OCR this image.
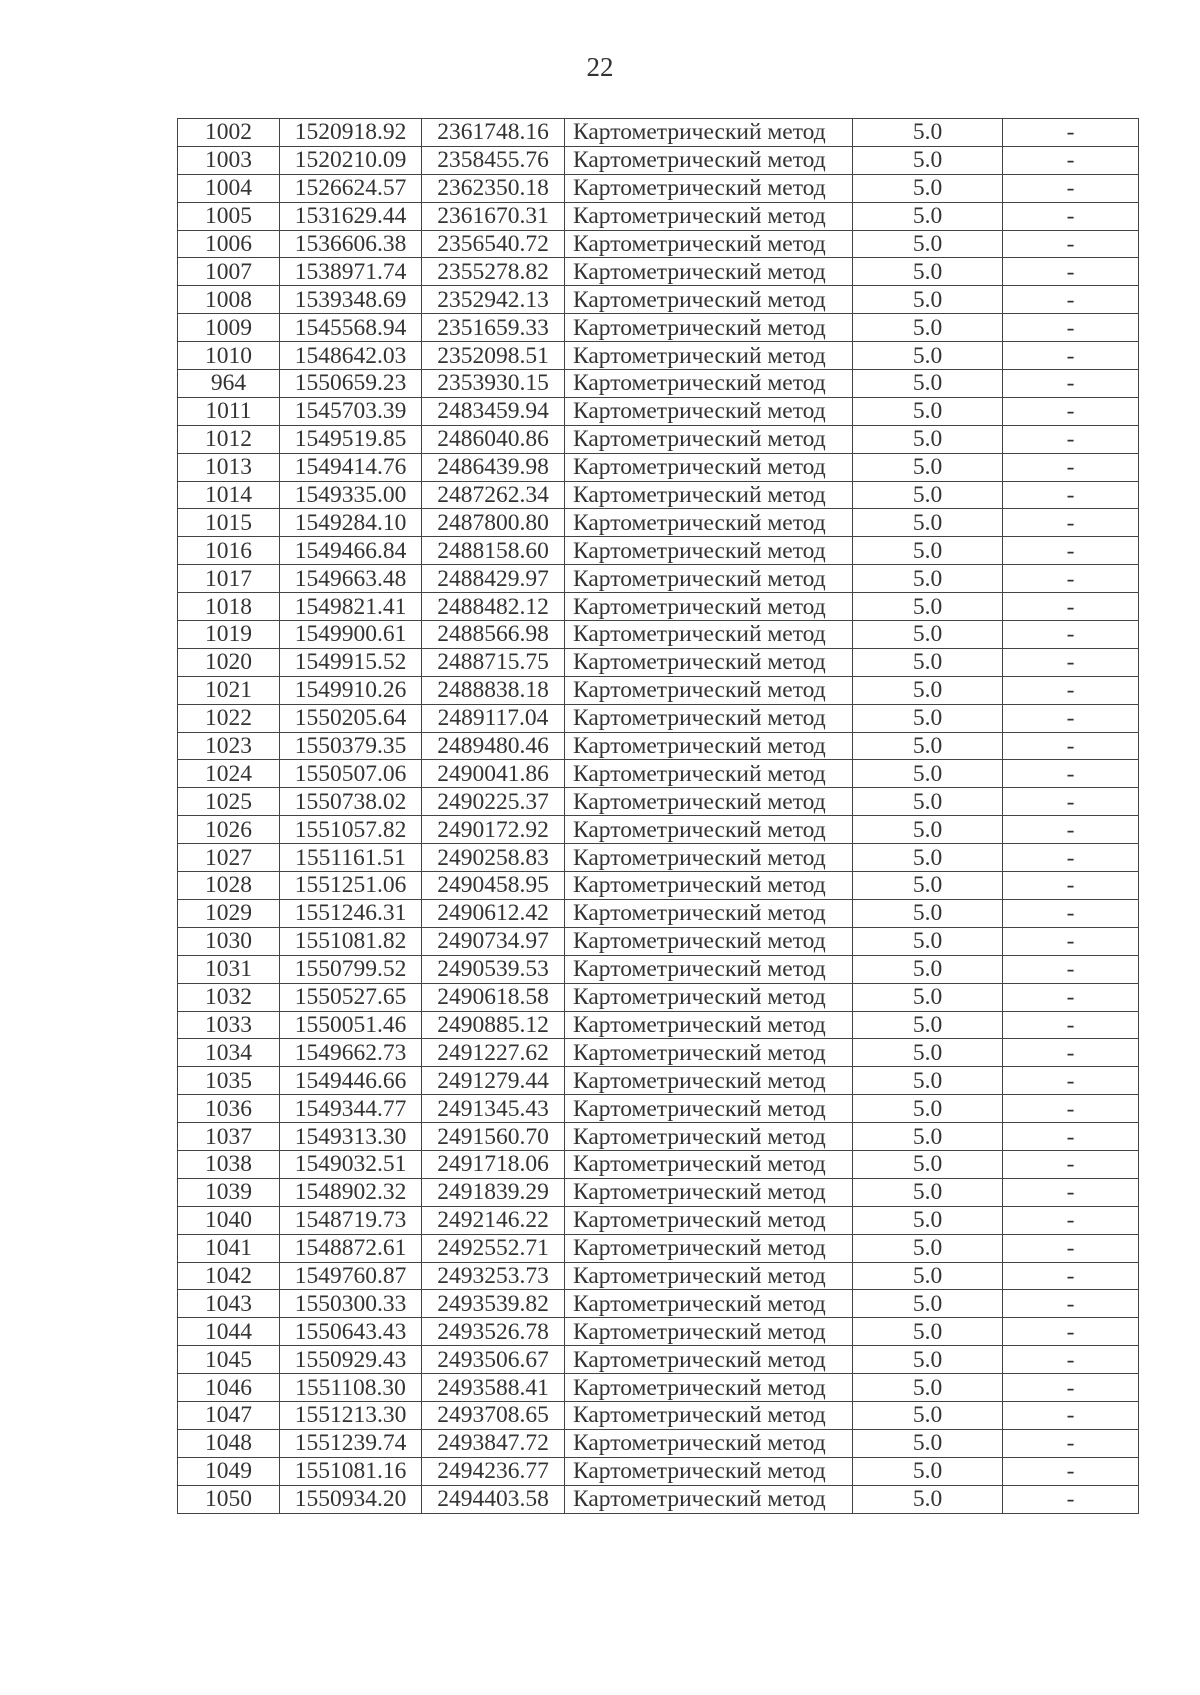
22
1002	1520918.92	2361748.16	Картометрический метод	5.0	-
1003	1520210.09	2358455.76	Картометрический метод	5.0	-
1004	1526624.57	2362350.18	Картометрический метод	5.0	-
1005	1531629.44	2361670.31	Картометрический метод	5.0	-
1006	1536606.38	2356540.72	Картометрический метод	5.0	-
1007	1538971.74	2355278.82	Картометрический метод	5.0	-
1008	1539348.69	2352942.13	Картометрический метод	5.0	-
1009	1545568.94	2351659.33	Картометрический метод	5.0	-
1010	1548642.03	2352098.51	Картометрический метод	5.0	-
964	1550659.23	2353930.15	Картометрический метод	5.0	-
1011	1545703.39	2483459.94	Картометрический метод	5.0	-
1012	1549519.85	2486040.86	Картометрический метод	5.0	-
1013	1549414.76	2486439.98	Картометрический метод	5.0	-
1014	1549335.00	2487262.34	Картометрический метод	5.0	-
1015	1549284.10	2487800.80	Картометрический метод	5.0	-
1016	1549466.84	2488158.60	Картометрический метод	5.0	-
1017	1549663.48	2488429.97	Картометрический метод	5.0	-
1018	1549821.41	2488482.12	Картометрический метод	5.0	-
1019	1549900.61	2488566.98	Картометрический метод	5.0	-
1020	1549915.52	2488715.75	Картометрический метод	5.0	-
1021	1549910.26	2488838.18	Картометрический метод	5.0	-
1022	1550205.64	2489117.04	Картометрический метод	5.0	-
1023	1550379.35	2489480.46	Картометрический метод	5.0	-
1024	1550507.06	2490041.86	Картометрический метод	5.0	-
1025	1550738.02	2490225.37	Картометрический метод	5.0	-
1026	1551057.82	2490172.92	Картометрический метод	5.0	-
1027	1551161.51	2490258.83	Картометрический метод	5.0	-
1028	1551251.06	2490458.95	Картометрический метод	5.0	-
1029	1551246.31	2490612.42	Картометрический метод	5.0	-
1030	1551081.82	2490734.97	Картометрический метод	5.0	-
1031	1550799.52	2490539.53	Картометрический метод	5.0	-
1032	1550527.65	2490618.58	Картометрический метод	5.0	-
1033	1550051.46	2490885.12	Картометрический метод	5.0	-
1034	1549662.73	2491227.62	Картометрический метод	5.0	-
1035	1549446.66	2491279.44	Картометрический метод	5.0	-
1036	1549344.77	2491345.43	Картометрический метод	5.0	-
1037	1549313.30	2491560.70	Картометрический метод	5.0	-
1038	1549032.51	2491718.06	Картометрический метод	5.0	-
1039	1548902.32	2491839.29	Картометрический метод	5.0	-
1040	1548719.73	2492146.22	Картометрический метод	5.0	-
1041	1548872.61	2492552.71	Картометрический метод	5.0	-
1042	1549760.87	2493253.73	Картометрический метод	5.0	-
1043	1550300.33	2493539.82	Картометрический метод	5.0	-
1044	1550643.43	2493526.78	Картометрический метод	5.0	-
1045	1550929.43	2493506.67	Картометрический метод	5.0	-
1046	1551108.30	2493588.41	Картометрический метод	5.0	-
1047	1551213.30	2493708.65	Картометрический метод	5.0	-
1048	1551239.74	2493847.72	Картометрический метод	5.0	-
1049	1551081.16	2494236.77	Картометрический метод	5.0	-
1050	1550934.20	2494403.58	Картометрический метод	5.0	-
